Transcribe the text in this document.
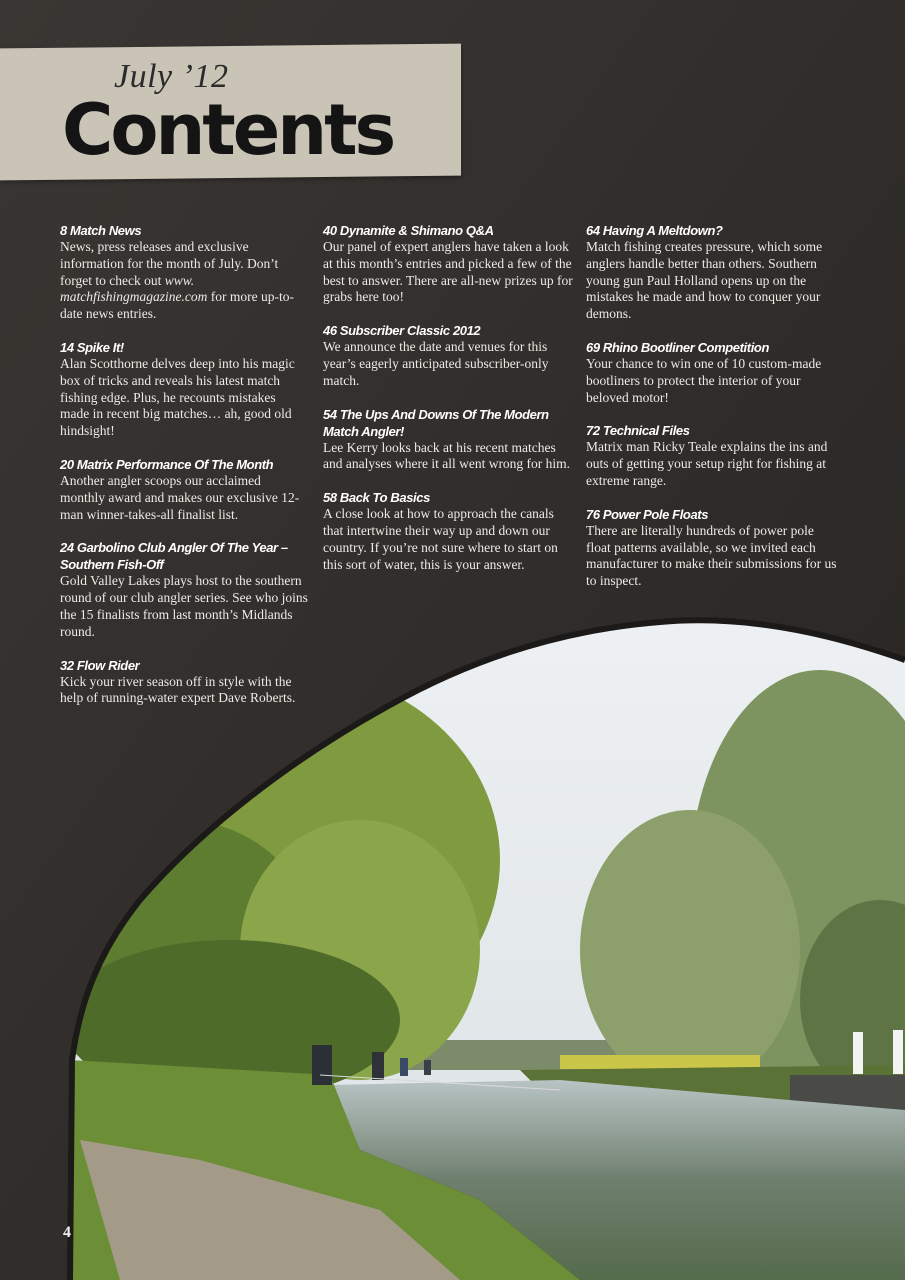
July ’12
Contents
8 Match News

News, press releases and exclusive information for the month of July. Don’t forget to check out www.
matchfishingmagazine.com for more up-to-date news entries.

14 Spike It!

Alan Scotthorne delves deep into his magic box of tricks and reveals his latest match fishing edge. Plus, he recounts mistakes made in recent big matches… ah, good old hindsight!

20 Matrix Performance Of The Month

Another angler scoops our acclaimed monthly award and makes our exclusive 12-man winner-takes-all finalist list.

24 Garbolino Club Angler Of The Year – Southern Fish-Off

Gold Valley Lakes plays host to the southern round of our club angler series. See who joins the 15 finalists from last month’s Midlands round.

32 Flow Rider

Kick your river season off in style with the help of running-water expert Dave Roberts.

40 Dynamite & Shimano Q&A

Our panel of expert anglers have taken a look at this month’s entries and picked a few of the best to answer. There are all-new prizes up for grabs here too!

46 Subscriber Classic 2012

We announce the date and venues for this year’s eagerly anticipated subscriber-only match.

54 The Ups And Downs Of The Modern Match Angler!

Lee Kerry looks back at his recent matches and analyses where it all went wrong for him.

58 Back To Basics

A close look at how to approach the canals that intertwine their way up and down our country. If you’re not sure where to start on this sort of water, this is your answer.

64 Having A Meltdown?

Match fishing creates pressure, which some anglers handle better than others. Southern young gun Paul Holland opens up on the mistakes he made and how to conquer your demons.

69 Rhino Bootliner Competition

Your chance to win one of 10 custom-made bootliners to protect the interior of your beloved motor!

72 Technical Files

Matrix man Ricky Teale explains the ins and outs of getting your setup right for fishing at extreme range.

76 Power Pole Floats

There are literally hundreds of power pole float patterns available, so we invited each manufacturer to make their submissions for us to inspect.

4
